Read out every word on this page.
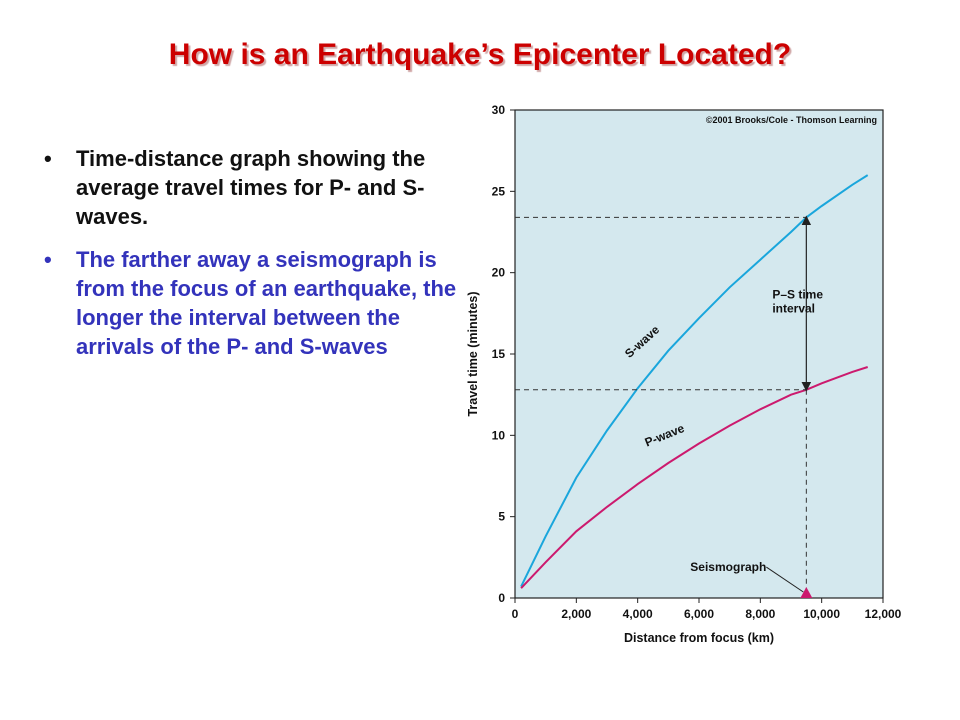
How is an Earthquake’s Epicenter Located?
• Time-distance graph showing the average travel times for P- and S-waves.
• The farther away a seismograph is from the focus of an earthquake, the longer the interval between the arrivals of the P- and S-waves
0	2,000	4,000	6,000	8,000 10,000 12,000
0
5
10
15
20
25
30
Distance from focus (km)
Travel time (minutes)
©2001 Brooks/Cole - Thomson Learning
S-wave
P-wave
P–S time
interval
Seismograph
